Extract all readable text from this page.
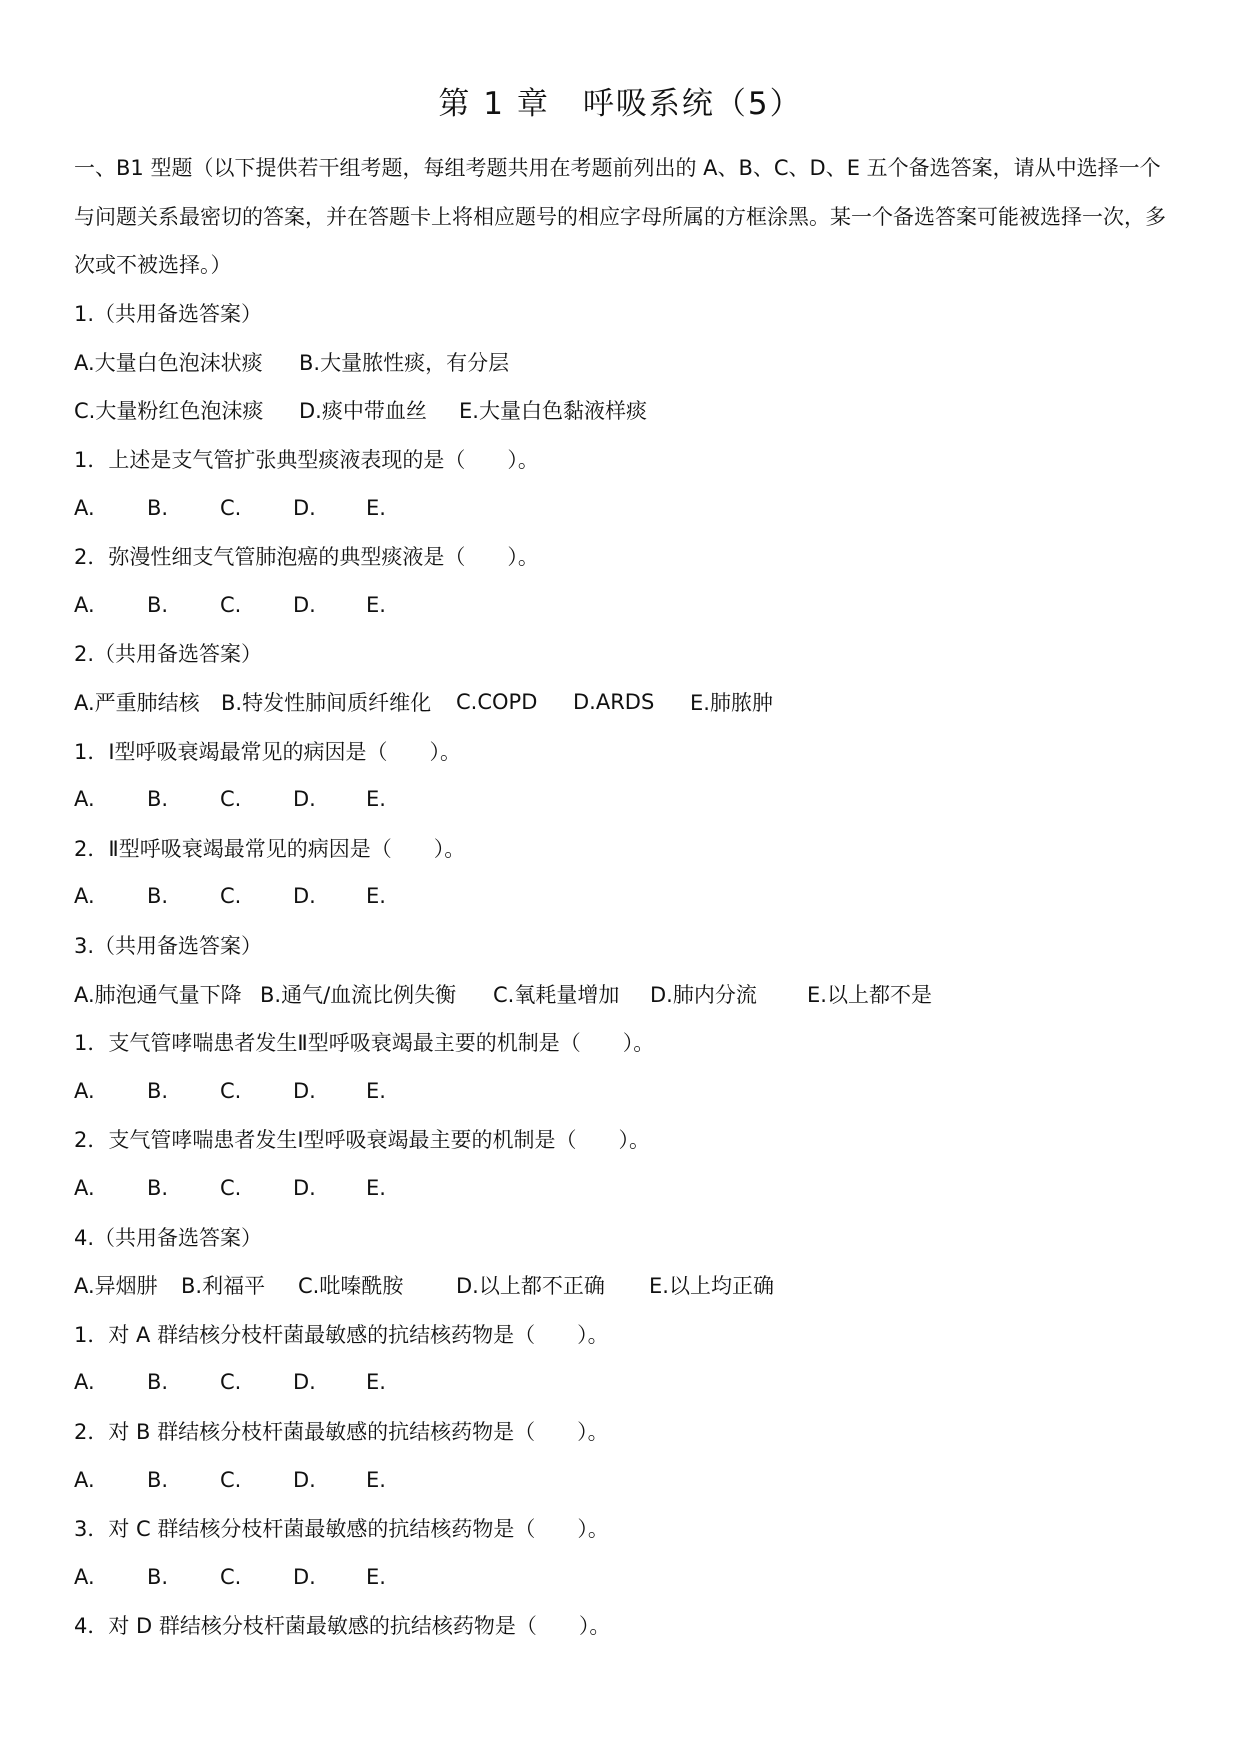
第 1 章　呼吸系统（5）
一、B1 型题（以下提供若干组考题，每组考题共用在考题前列出的 A、B、C、D、E 五个备选答案，请从中选择一个与问题关系最密切的答案，并在答题卡上将相应题号的相应字母所属的方框涂黑。某一个备选答案可能被选择一次，多次或不被选择。）
1.（共用备选答案）
A.大量白色泡沫状痰	B.大量脓性痰，有分层
C.大量粉红色泡沫痰	D.痰中带血丝	E.大量白色黏液样痰
1．上述是支气管扩张典型痰液表现的是（　　）。
A.	B.	C.	D.	E.
2．弥漫性细支气管肺泡癌的典型痰液是（　　）。
A.	B.	C.	D.	E.
2.（共用备选答案）
A.严重肺结核	B.特发性肺间质纤维化	C.COPD	D.ARDS	E.肺脓肿
1．Ⅰ型呼吸衰竭最常见的病因是（　　）。
A.	B.	C.	D.	E.
2．Ⅱ型呼吸衰竭最常见的病因是（　　）。
A.	B.	C.	D.	E.
3.（共用备选答案）
A.肺泡通气量下降 B.通气/血流比例失衡	C.氧耗量增加	D.肺内分流	E.以上都不是
1．支气管哮喘患者发生Ⅱ型呼吸衰竭最主要的机制是（　　）。
A.	B.	C.	D.	E.
2．支气管哮喘患者发生Ⅰ型呼吸衰竭最主要的机制是（　　）。
A.	B.	C.	D.	E.
4.（共用备选答案）
A.异烟肼	B.利福平	C.吡嗪酰胺	D.以上都不正确	E.以上均正确
1．对 A 群结核分枝杆菌最敏感的抗结核药物是（　　）。
A.	B.	C.	D.	E.
2．对 B 群结核分枝杆菌最敏感的抗结核药物是（　　）。
A.	B.	C.	D.	E.
3．对 C 群结核分枝杆菌最敏感的抗结核药物是（　　）。
A.	B.	C.	D.	E.
4．对 D 群结核分枝杆菌最敏感的抗结核药物是（　　）。
